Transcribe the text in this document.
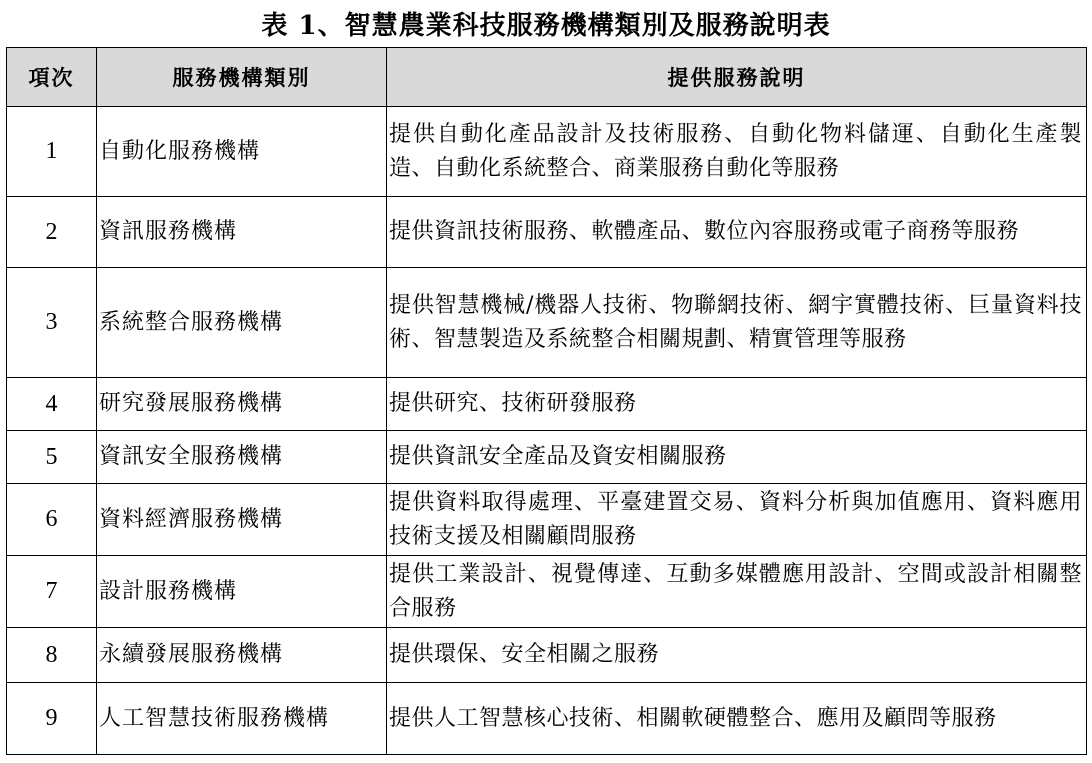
表 1、智慧農業科技服務機構類別及服務說明表
項次	服務機構類別	提供服務說明
1	自動化服務機構	提供自動化產品設計及技術服務、自動化物料儲運、自動化生產製造、自動化系統整合、商業服務自動化等服務
2	資訊服務機構	提供資訊技術服務、軟體產品、數位內容服務或電子商務等服務
3	系統整合服務機構	提供智慧機械/機器人技術、物聯網技術、網宇實體技術、巨量資料技術、智慧製造及系統整合相關規劃、精實管理等服務
4	研究發展服務機構	提供研究、技術研發服務
5	資訊安全服務機構	提供資訊安全產品及資安相關服務
6	資料經濟服務機構	提供資料取得處理、平臺建置交易、資料分析與加值應用、資料應用技術支援及相關顧問服務
7	設計服務機構	提供工業設計、視覺傳達、互動多媒體應用設計、空間或設計相關整合服務
8	永續發展服務機構	提供環保、安全相關之服務
9	人工智慧技術服務機構	提供人工智慧核心技術、相關軟硬體整合、應用及顧問等服務
